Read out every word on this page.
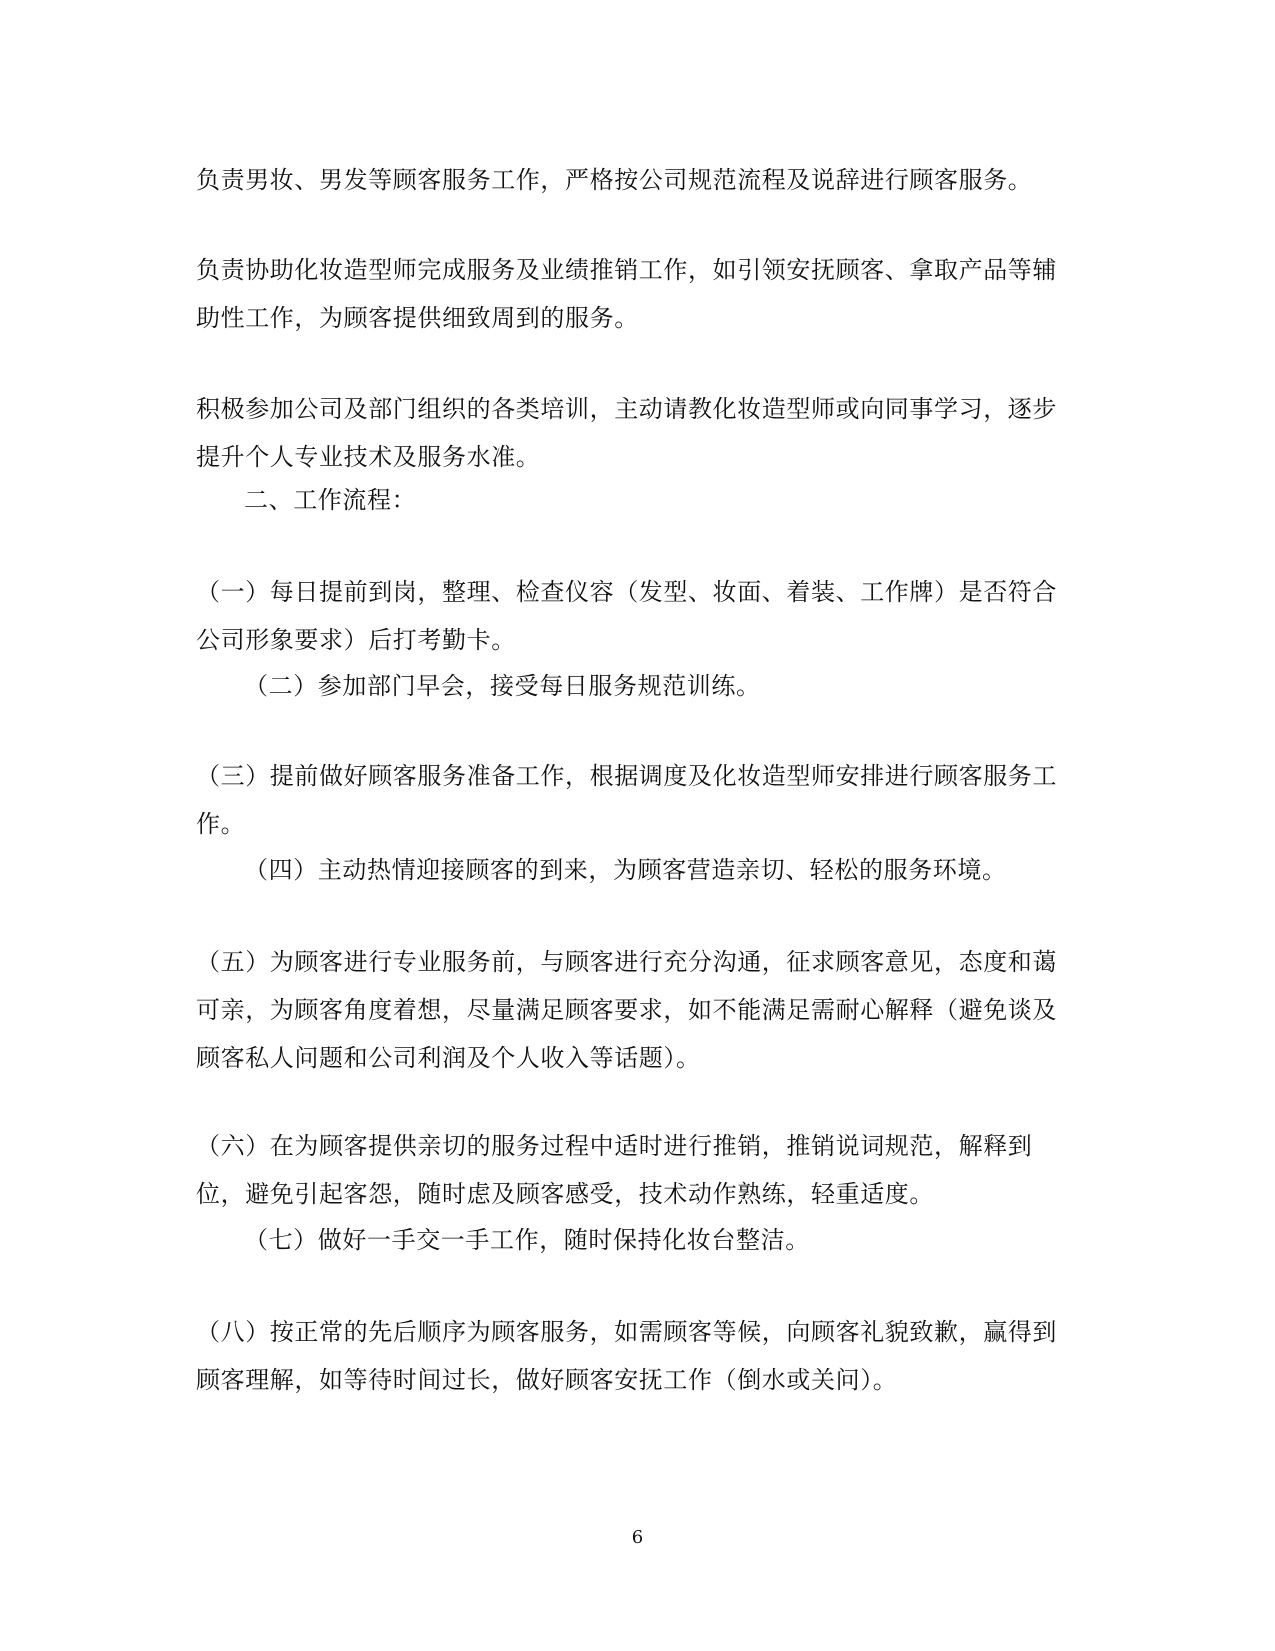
负责男妆、男发等顾客服务工作，严格按公司规范流程及说辞进行顾客服务。

负责协助化妆造型师完成服务及业绩推销工作，如引领安抚顾客、拿取产品等辅助性工作，为顾客提供细致周到的服务。

积极参加公司及部门组织的各类培训，主动请教化妆造型师或向同事学习，逐步提升个人专业技术及服务水准。

二、工作流程：

（一）每日提前到岗，整理、检查仪容（发型、妆面、着装、工作牌）是否符合公司形象要求）后打考勤卡。

（二）参加部门早会，接受每日服务规范训练。

（三）提前做好顾客服务准备工作，根据调度及化妆造型师安排进行顾客服务工作。

（四）主动热情迎接顾客的到来，为顾客营造亲切、轻松的服务环境。

（五）为顾客进行专业服务前，与顾客进行充分沟通，征求顾客意见，态度和蔼可亲，为顾客角度着想，尽量满足顾客要求，如不能满足需耐心解释（避免谈及顾客私人问题和公司利润及个人收入等话题）。

（六）在为顾客提供亲切的服务过程中适时进行推销，推销说词规范，解释到位，避免引起客怨，随时虑及顾客感受，技术动作熟练，轻重适度。

（七）做好一手交一手工作，随时保持化妆台整洁。

（八）按正常的先后顺序为顾客服务，如需顾客等候，向顾客礼貌致歉，赢得到顾客理解，如等待时间过长，做好顾客安抚工作（倒水或关问）。

6
